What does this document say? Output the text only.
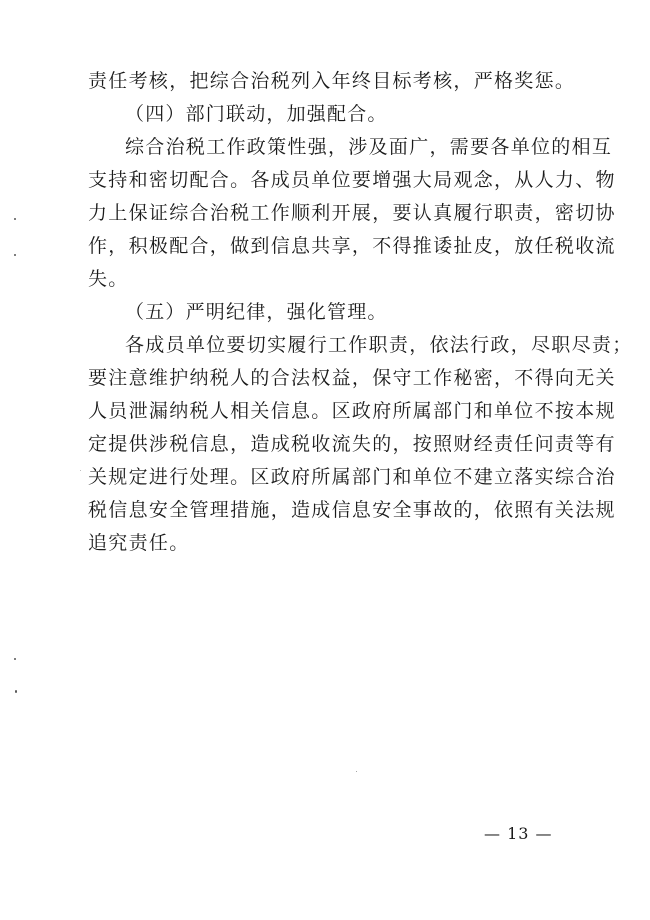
责任考核，把综合治税列入年终目标考核，严格奖惩。
（四）部门联动，加强配合。
综合治税工作政策性强，涉及面广，需要各单位的相互
支持和密切配合。各成员单位要增强大局观念，从人力、物
力上保证综合治税工作顺利开展，要认真履行职责，密切协
作，积极配合，做到信息共享，不得推诿扯皮，放任税收流
失。
（五）严明纪律，强化管理。
各成员单位要切实履行工作职责，依法行政，尽职尽责；
要注意维护纳税人的合法权益，保守工作秘密，不得向无关
人员泄漏纳税人相关信息。区政府所属部门和单位不按本规
定提供涉税信息，造成税收流失的，按照财经责任问责等有
关规定进行处理。区政府所属部门和单位不建立落实综合治
税信息安全管理措施，造成信息安全事故的，依照有关法规
追究责任。
— 13 —
